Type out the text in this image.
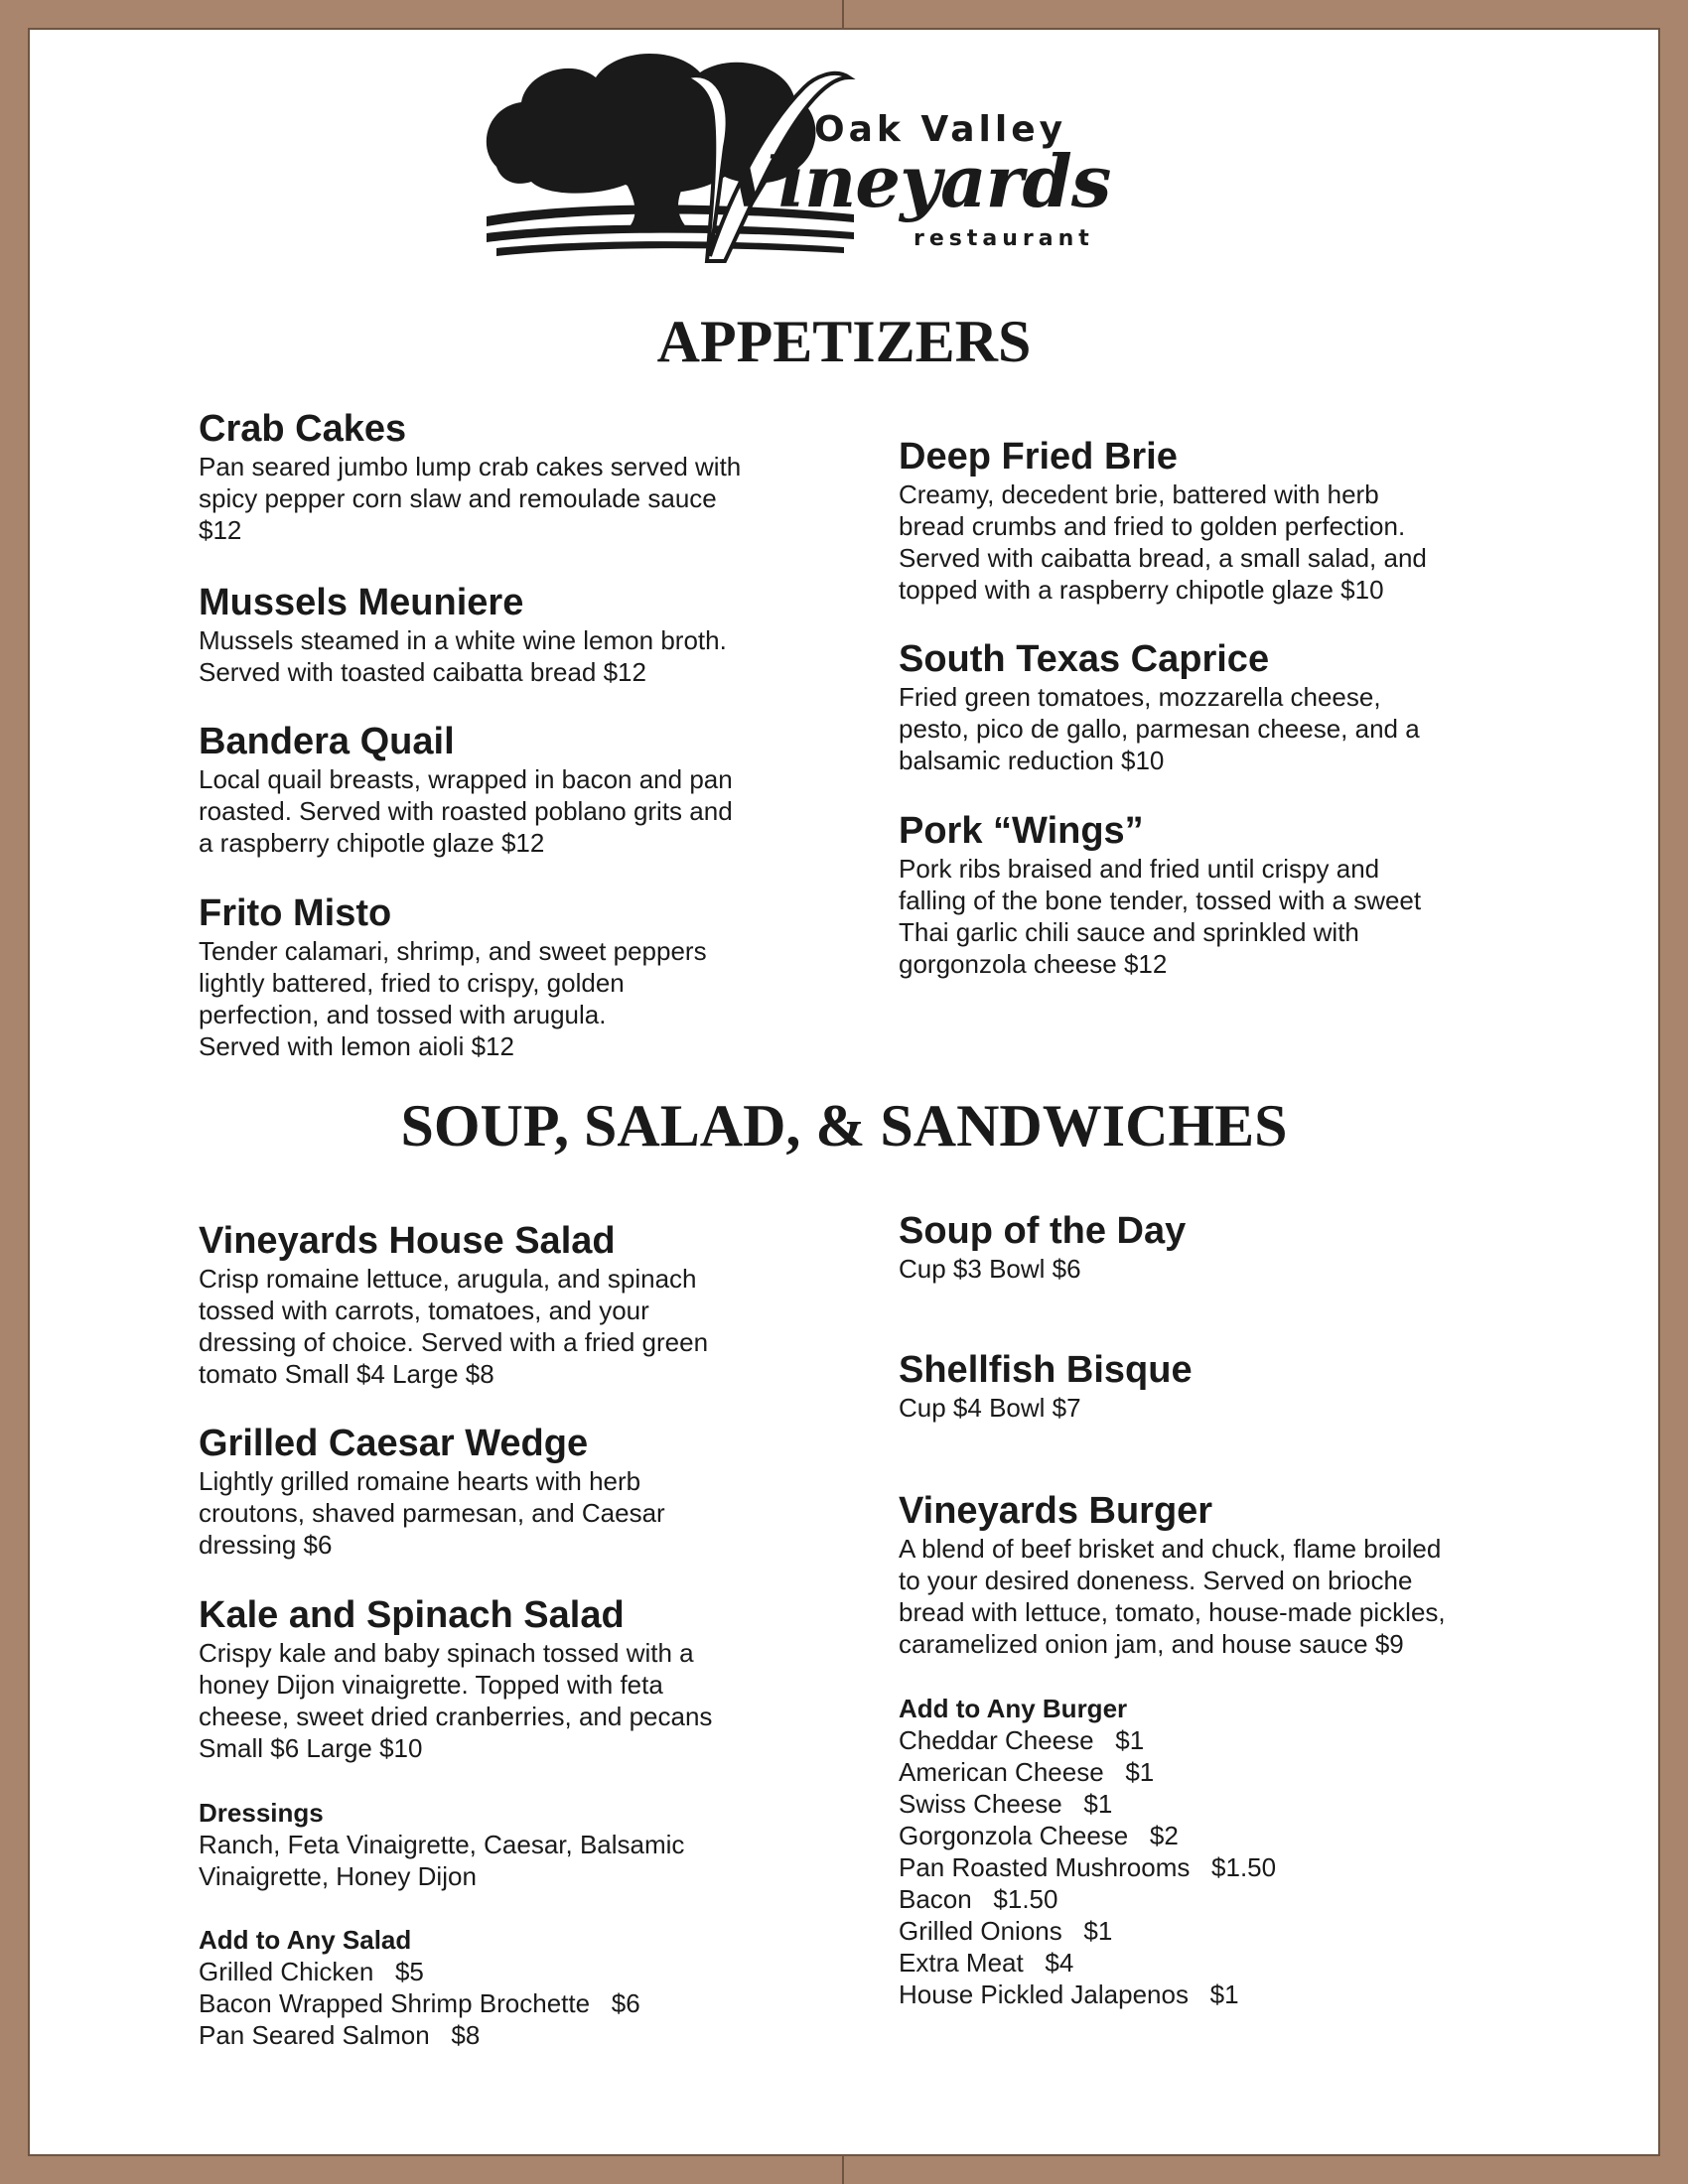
Oak Valley
Vineyards
restaurant
APPETIZERS
Crab Cakes
Pan seared jumbo lump crab cakes served with
spicy pepper corn slaw and remoulade sauce
$12
Mussels Meuniere
Mussels steamed in a white wine lemon broth.
Served with toasted caibatta bread $12
Bandera Quail
Local quail breasts, wrapped in bacon and pan
roasted. Served with roasted poblano grits and
a raspberry chipotle glaze $12
Frito Misto
Tender calamari, shrimp, and sweet peppers
lightly battered, fried to crispy, golden
perfection, and tossed with arugula.
Served with lemon aioli $12
Deep Fried Brie
Creamy, decedent brie, battered with herb
bread crumbs and fried to golden perfection.
Served with caibatta bread, a small salad, and
topped with a raspberry chipotle glaze $10
South Texas Caprice
Fried green tomatoes, mozzarella cheese,
pesto, pico de gallo, parmesan cheese, and a
balsamic reduction $10
Pork “Wings”
Pork ribs braised and fried until crispy and
falling of the bone tender, tossed with a sweet
Thai garlic chili sauce and sprinkled with
gorgonzola cheese $12
SOUP, SALAD, & SANDWICHES
Vineyards House Salad
Crisp romaine lettuce, arugula, and spinach
tossed with carrots, tomatoes, and your
dressing of choice. Served with a fried green
tomato Small $4 Large $8
Grilled Caesar Wedge
Lightly grilled romaine hearts with herb
croutons, shaved parmesan, and Caesar
dressing $6
Kale and Spinach Salad
Crispy kale and baby spinach tossed with a
honey Dijon vinaigrette. Topped with feta
cheese, sweet dried cranberries, and pecans
Small $6 Large $10
Dressings
Ranch, Feta Vinaigrette, Caesar, Balsamic
Vinaigrette, Honey Dijon
Add to Any Salad
Grilled Chicken   $5
Bacon Wrapped Shrimp Brochette   $6
Pan Seared Salmon   $8
Soup of the Day
Cup $3 Bowl $6
Shellfish Bisque
Cup $4 Bowl $7
Vineyards Burger
A blend of beef brisket and chuck, flame broiled
to your desired doneness. Served on brioche
bread with lettuce, tomato, house-made pickles,
caramelized onion jam, and house sauce $9
Add to Any Burger
Cheddar Cheese   $1
American Cheese   $1
Swiss Cheese   $1
Gorgonzola Cheese   $2
Pan Roasted Mushrooms   $1.50
Bacon   $1.50
Grilled Onions   $1
Extra Meat   $4
House Pickled Jalapenos   $1
